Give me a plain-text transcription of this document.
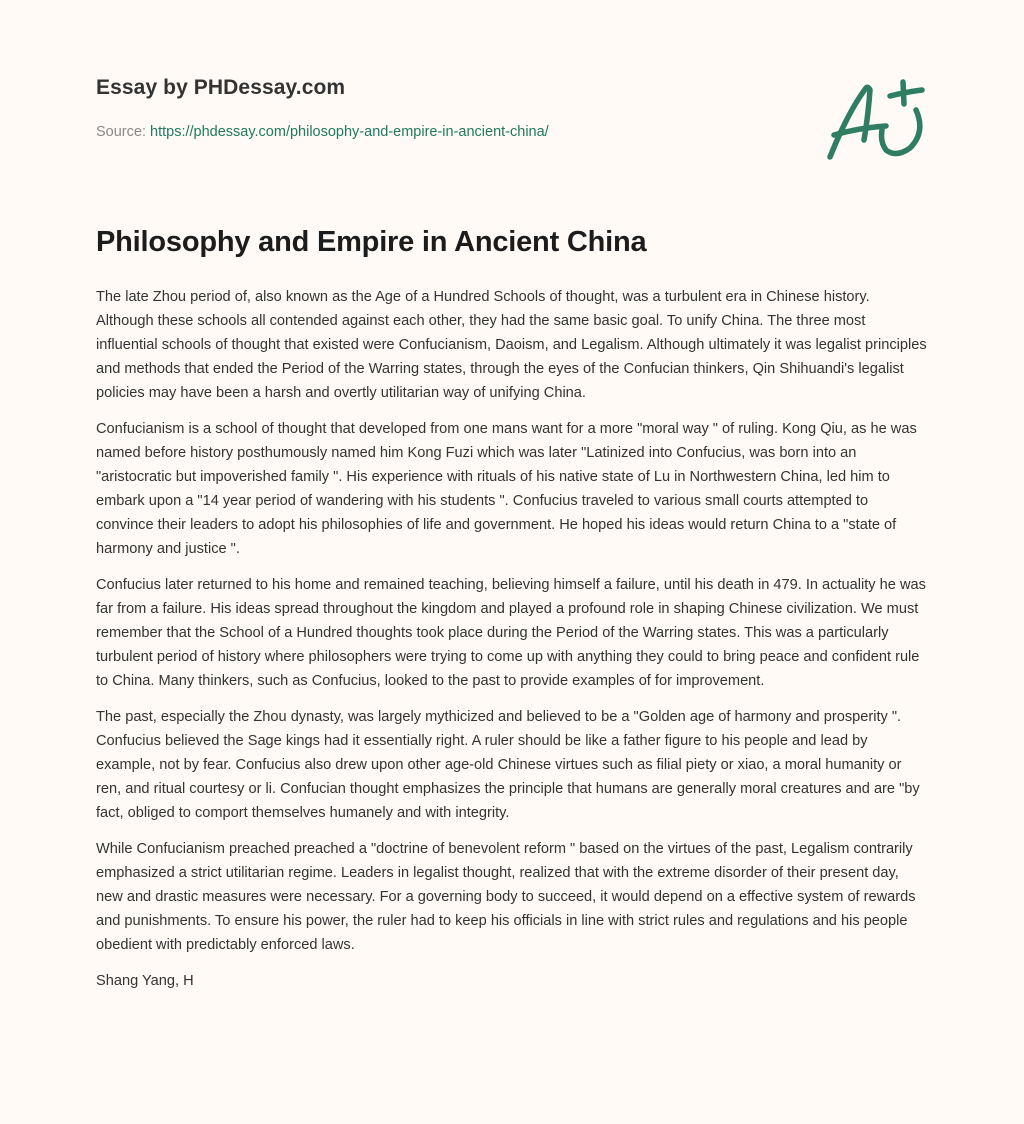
Essay by PHDessay.com

Source: https://phdessay.com/philosophy-and-empire-in-ancient-china/

Philosophy and Empire in Ancient China

The late Zhou period of, also known as the Age of a Hundred Schools of thought, was a turbulent era in Chinese history. Although these schools all contended against each other, they had the same basic goal. To unify China. The three most influential schools of thought that existed were Confucianism, Daoism, and Legalism. Although ultimately it was legalist principles and methods that ended the Period of the Warring states, through the eyes of the Confucian thinkers, Qin Shihuandi's legalist policies may have been a harsh and overtly utilitarian way of unifying China.

Confucianism is a school of thought that developed from one mans want for a more "moral way " of ruling. Kong Qiu, as he was named before history posthumously named him Kong Fuzi which was later "Latinized into Confucius, was born into an "aristocratic but impoverished family ". His experience with rituals of his native state of Lu in Northwestern China, led him to embark upon a "14 year period of wandering with his students ". Confucius traveled to various small courts attempted to convince their leaders to adopt his philosophies of life and government. He hoped his ideas would return China to a "state of harmony and justice ".

Confucius later returned to his home and remained teaching, believing himself a failure, until his death in 479. In actuality he was far from a failure. His ideas spread throughout the kingdom and played a profound role in shaping Chinese civilization. We must remember that the School of a Hundred thoughts took place during the Period of the Warring states. This was a particularly turbulent period of history where philosophers were trying to come up with anything they could to bring peace and confident rule to China. Many thinkers, such as Confucius, looked to the past to provide examples of for improvement.

The past, especially the Zhou dynasty, was largely mythicized and believed to be a "Golden age of harmony and prosperity ". Confucius believed the Sage kings had it essentially right. A ruler should be like a father figure to his people and lead by example, not by fear. Confucius also drew upon other age-old Chinese virtues such as filial piety or xiao, a moral humanity or ren, and ritual courtesy or li. Confucian thought emphasizes the principle that humans are generally moral creatures and are "by fact, obliged to comport themselves humanely and with integrity.

While Confucianism preached preached a "doctrine of benevolent reform " based on the virtues of the past, Legalism contrarily emphasized a strict utilitarian regime. Leaders in legalist thought, realized that with the extreme disorder of their present day, new and drastic measures were necessary. For a governing body to succeed, it would depend on a effective system of rewards and punishments. To ensure his power, the ruler had to keep his officials in line with strict rules and regulations and his people obedient with predictably enforced laws.

Shang Yang, H
